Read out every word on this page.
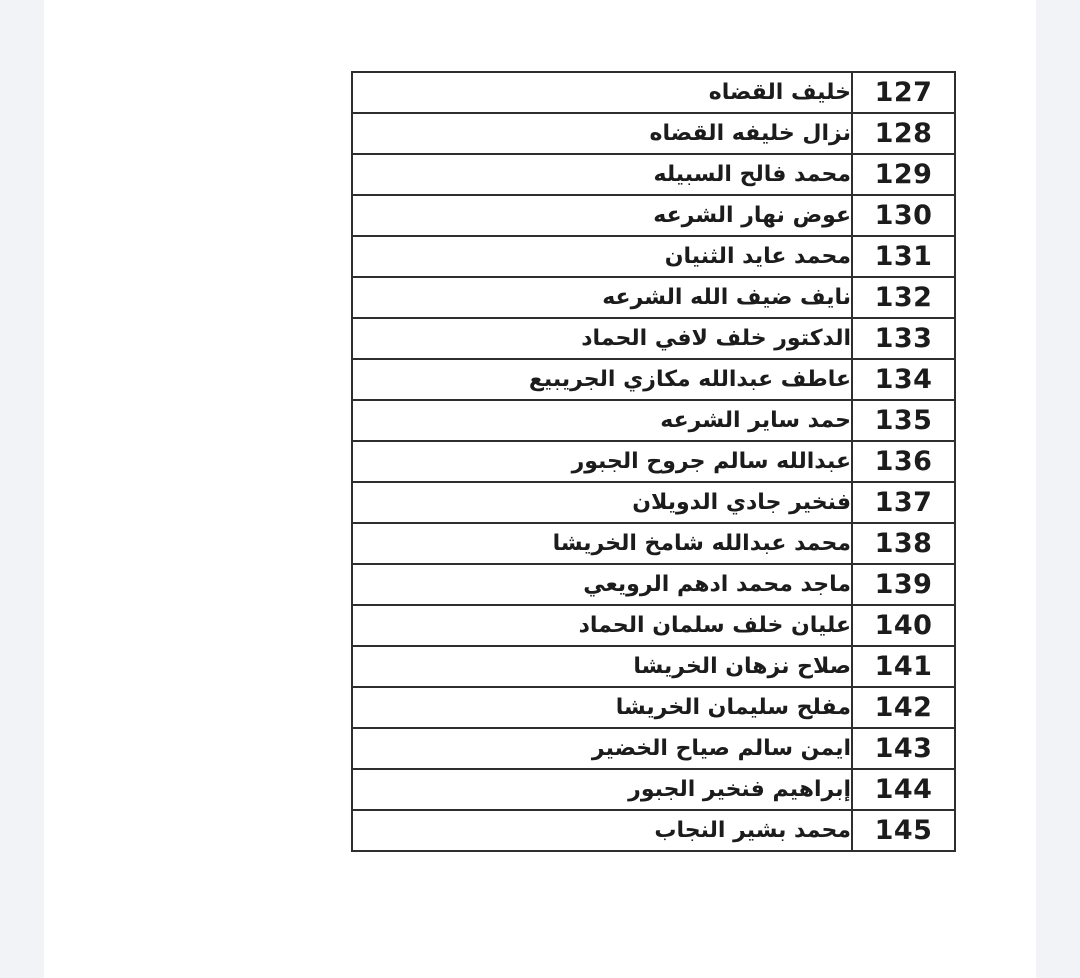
خليف القضاه 127
نزال خليفه القضاه 128
محمد فالح السبيله 129
عوض نهار الشرعه 130
محمد عايد الثنيان 131
نايف ضيف الله الشرعه 132
الدكتور خلف لافي الحماد 133
عاطف عبدالله مكازي الجريبيع 134
حمد ساير الشرعه 135
عبدالله سالم جروح الجبور 136
فنخير جادي الدويلان 137
محمد عبدالله شامخ الخريشا 138
ماجد محمد ادهم الرويعي 139
عليان خلف سلمان الحماد 140
صلاح نزهان الخريشا 141
مفلح سليمان الخريشا 142
ايمن سالم صياح الخضير 143
إبراهيم فنخير الجبور 144
محمد بشير النجاب 145
